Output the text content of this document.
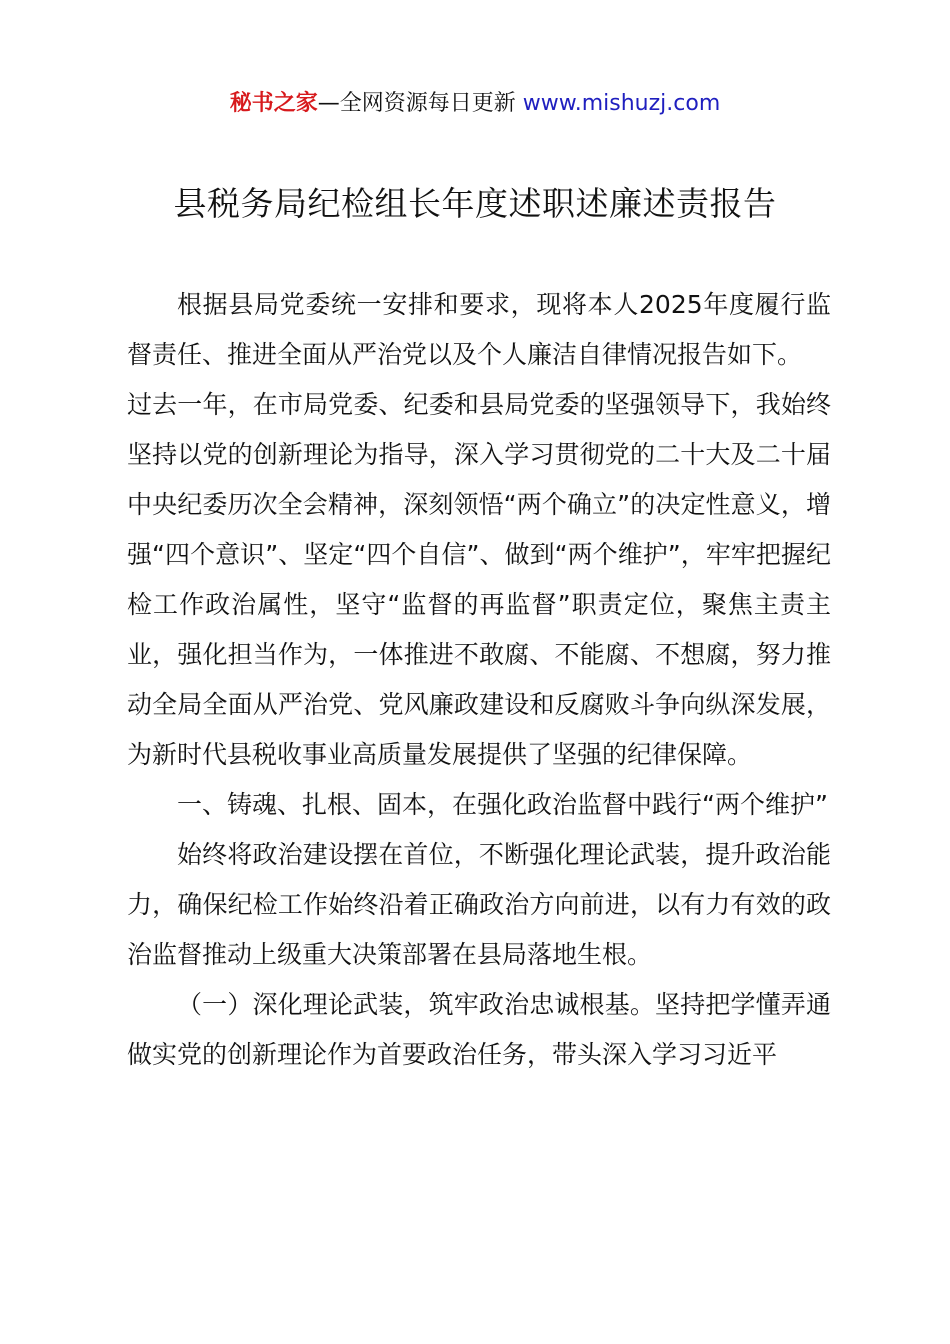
秘书之家—全网资源每日更新 www.mishuzj.com
县税务局纪检组长年度述职述廉述责报告

根据县局党委统一安排和要求，现将本人2025年度履行监督责任、推进全面从严治党以及个人廉洁自律情况报告如下。

过去一年，在市局党委、纪委和县局党委的坚强领导下，我始终坚持以党的创新理论为指导，深入学习贯彻党的二十大及二十届中央纪委历次全会精神，深刻领悟“两个确立”的决定性意义，增强“四个意识”、坚定“四个自信”、做到“两个维护”，牢牢把握纪检工作政治属性，坚守“监督的再监督”职责定位，聚焦主责主业，强化担当作为，一体推进不敢腐、不能腐、不想腐，努力推动全局全面从严治党、党风廉政建设和反腐败斗争向纵深发展，为新时代县税收事业高质量发展提供了坚强的纪律保障。

一、铸魂、扎根、固本，在强化政治监督中践行“两个维护”

始终将政治建设摆在首位，不断强化理论武装，提升政治能力，确保纪检工作始终沿着正确政治方向前进，以有力有效的政治监督推动上级重大决策部署在县局落地生根。

（一）深化理论武装，筑牢政治忠诚根基。坚持把学懂弄通做实党的创新理论作为首要政治任务，带头深入学习习近平
